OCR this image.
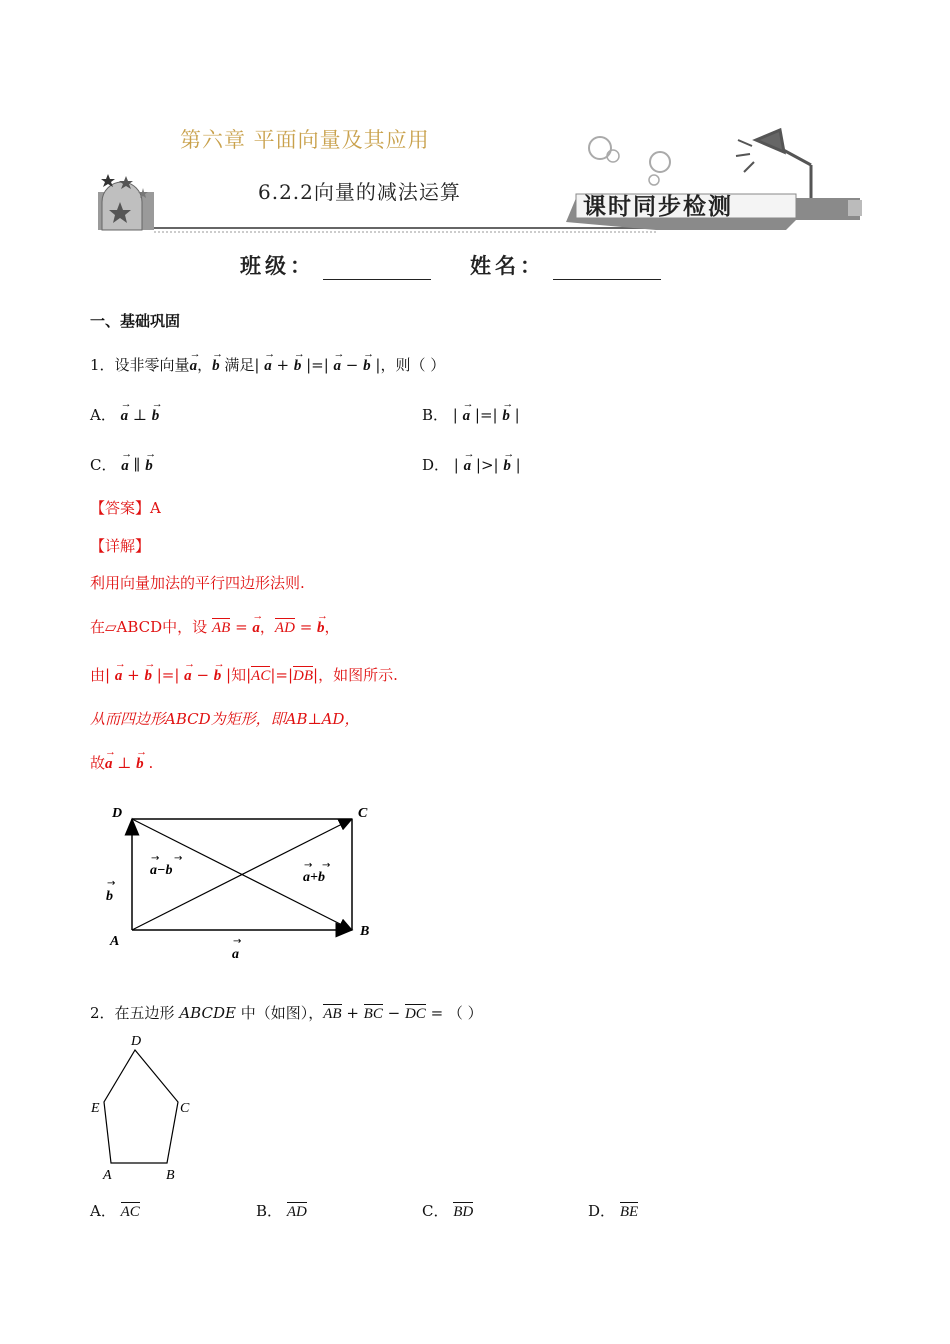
第六章 平面向量及其应用
6.2.2向量的减法运算
课时同步检测
班级：	姓名：
一、基础巩固
1．设非零向量→ a，→ b 满足| → a + → b |=| → a − → b |，则（ ）
A． → a ⊥ → b	B． | → a |=| → b |
C． → a ∥ → b	D． | → a |>| → b |
【答案】A
【详解】
利用向量加法的平行四边形法则.
在▱ABCD中，设 AB = → a，AD = → b，
由| → a + → b |=| → a − → b |知|AC|=|DB|，如图所示.
从而四边形ABCD为矩形，即AB⊥AD，
故→ a ⊥ → b .
D	C
A
B
a
b
a−b	a+b
→
→
→ →
→ →
2．在五边形 ABCDE 中（如图），AB + BC − DC = （ ）
D
C
E
A	B
A． AC	B． AD	C． BD	D． BE
